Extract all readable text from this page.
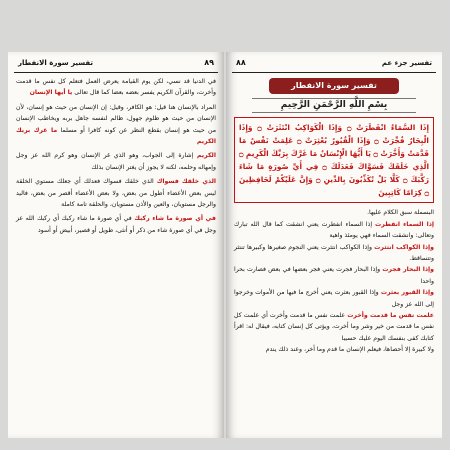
٨٩
تفسير سورة الانفطار

في الدنيا قد نسي، لكن يوم القيامة يعرض العمل فتعلم كل نفس ما قدمت وأخرت، والقرآن الكريم يفسر بعضه بعضا كما قال تعالى يا أيها الإنسان

المراد بالإنسان هنا قيل: هو الكافر، وقيل: إن الإنسان من حيث هو إنسان، لأن الإنسان من حيث هو ظلوم جهول، ظالم لنفسه جاهل بربه ويخاطب الإنسان من حيث هو إنسان بقطع النظر عن كونه كافرا أو مسلما ما غرك بربك الكريم

الكريم إشارة إلى الجواب، وهو الذي غر الإنسان وهو كرم الله عز وجل وإمهاله وحلمه، لكنه لا يجوز أن يغتر الإنسان بذلك

الذي خلقك فسواك الذي خلقك فسواك فعدلك أي جعلك مستوي الخلقة ليس بعض الأعضاء أطول من بعض، ولا بعض الأعضاء أقصر من بعض، فاليد والرجل مستويان، والعين والأذن مستويان، والحلقة تامة كاملة

في أي صورة ما شاء ركبك في أي صورة ما شاء ركبك أي ركبك الله عز وجل في أي صورة شاء من ذكر أو أنثى، طويل أو قصير، أبيض أو أسود

٨٨	تفسير جزء عم
تفسير سورة الانفطار
بِسْمِ اللَّهِ الرَّحْمَنِ الرَّحِيمِ
إِذَا السَّمَاءُ انْفَطَرَتْ ۝ وَإِذَا الْكَوَاكِبُ انْتَثَرَتْ ۝ وَإِذَا الْبِحَارُ فُجِّرَتْ ۝ وَإِذَا الْقُبُورُ بُعْثِرَتْ ۝ عَلِمَتْ نَفْسٌ مَا قَدَّمَتْ وَأَخَّرَتْ ۝ يَا أَيُّهَا الْإِنْسَانُ مَا غَرَّكَ بِرَبِّكَ الْكَرِيمِ ۝ الَّذِي خَلَقَكَ فَسَوَّاكَ فَعَدَلَكَ ۝ فِي أَيِّ صُورَةٍ مَا شَاءَ رَكَّبَكَ ۝ كَلَّا بَلْ تُكَذِّبُونَ بِالدِّينِ ۝ وَإِنَّ عَلَيْكُمْ لَحَافِظِينَ ۝ كِرَامًا كَاتِبِينَ

البسملة سبق الكلام عليها.

إذا السماء انفطرت إذا السماء انفطرت يعني انشقت كما قال الله تبارك وتعالى: وانشقت السماء فهي يومئذ واهية

وإذا الكواكب انتثرت وإذا الكواكب انتثرت يعني النجوم صغيرها وكبيرها تنتثر وتتساقط.

وإذا البحار فجرت وإذا البحار فجرت يعني فجر بعضها في بعض فصارت بحرا واحدا

وإذا القبور بعثرت وإذا القبور بعثرت يعني أخرج ما فيها من الأموات وخرجوا إلى الله عز وجل

علمت نفس ما قدمت وأخرت علمت نفس ما قدمت وأخرت أي علمت كل نفس ما قدمت من خير وشر وما أخرت، ويؤتى كل إنسان كتابه، فيقال له: اقرأ كتابك كفى بنفسك اليوم عليك حسيبا

ولا كبيرة إلا أحصاها، فيعلم الإنسان ما قدم وما أخر، وعند ذلك يندم
